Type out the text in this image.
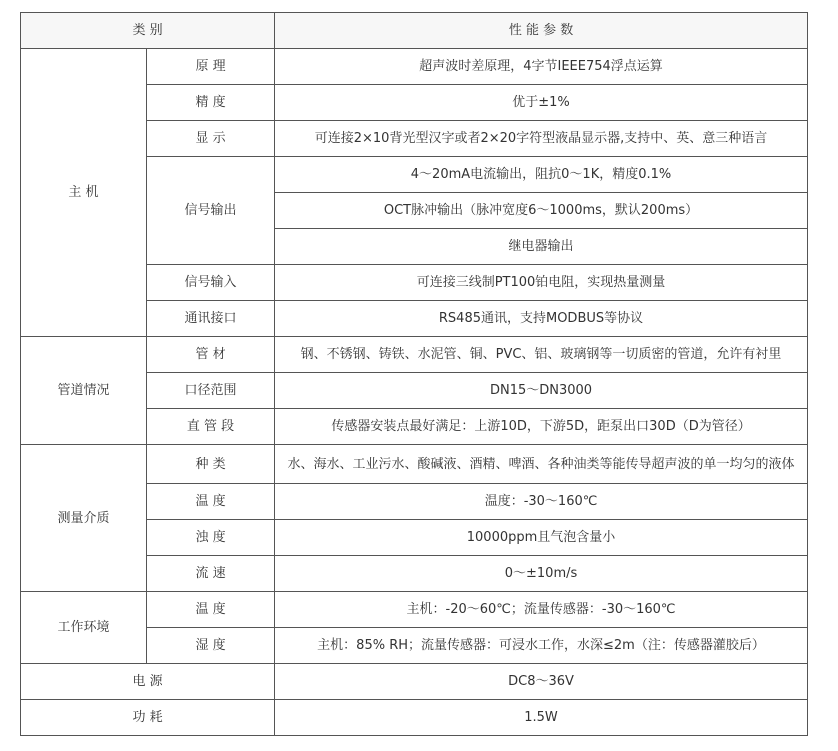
类 别		性 能 参 数
主 机	原 理	超声波时差原理，4字节IEEE754浮点运算
	精 度	优于±1%
	显 示	可连接2×10背光型汉字或者2×20字符型液晶显示器,支持中、英、意三种语言
	信号输出	4～20mA电流输出，阻抗0～1K，精度0.1%
		OCT脉冲输出（脉冲宽度6～1000ms，默认200ms）
		继电器输出
	信号输入	可连接三线制PT100铂电阻，实现热量测量
	通讯接口	RS485通讯，支持MODBUS等协议
管道情况	管 材	钢、不锈钢、铸铁、水泥管、铜、PVC、铝、玻璃钢等一切质密的管道，允许有衬里
	口径范围	DN15～DN3000
	直 管 段	传感器安装点最好满足：上游10D，下游5D，距泵出口30D（D为管径）
测量介质	种 类	水、海水、工业污水、酸碱液、酒精、啤酒、各种油类等能传导超声波的单一均匀的液体
	温 度	温度：-30～160℃
	浊 度	10000ppm且气泡含量小
	流 速	0～±10m/s
工作环境	温 度	主机：-20～60℃；流量传感器：-30～160℃
	湿 度	主机：85% RH；流量传感器：可浸水工作，水深≤2m（注：传感器灌胶后）
电 源		DC8～36V
功 耗		1.5W
